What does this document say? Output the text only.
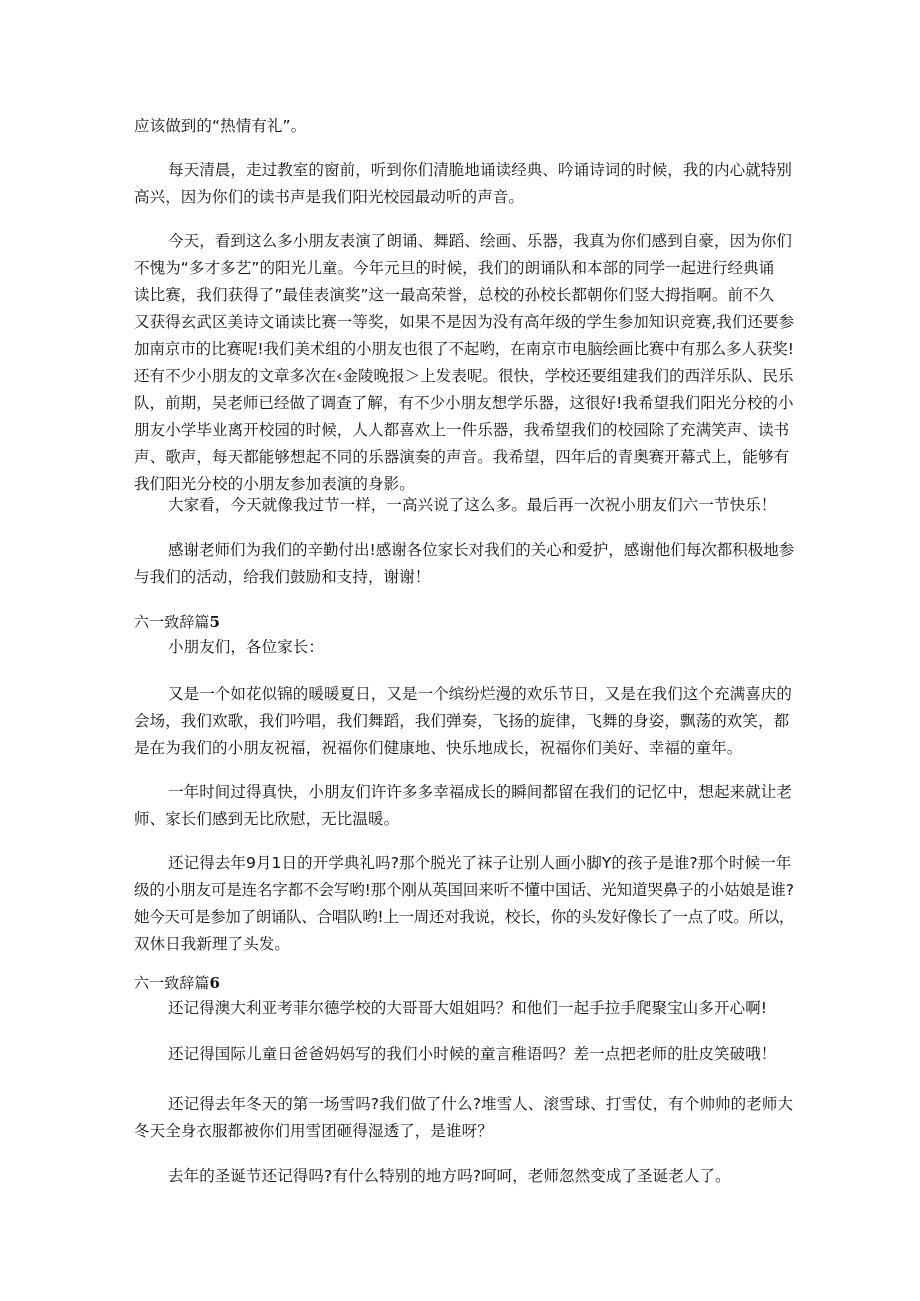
应该做到的“热情有礼”。
每天清晨，走过教室的窗前，听到你们清脆地诵读经典、吟诵诗词的时候，我的内心就特别
高兴，因为你们的读书声是我们阳光校园最动听的声音。
今天，看到这么多小朋友表演了朗诵、舞蹈、绘画、乐器，我真为你们感到自豪，因为你们
不愧为“多才多艺”的阳光儿童。今年元旦的时候，我们的朗诵队和本部的同学一起进行经典诵
读比赛，我们获得了”最佳表演奖”这一最高荣誉，总校的孙校长都朝你们竖大拇指啊。前不久
又获得玄武区美诗文诵读比赛一等奖，如果不是因为没有高年级的学生参加知识竞赛,我们还要参
加南京市的比赛呢!我们美术组的小朋友也很了不起哟，在南京市电脑绘画比赛中有那么多人获奖!
还有不少小朋友的文章多次在‹金陵晚报＞上发表呢。很快，学校还要组建我们的西洋乐队、民乐
队，前期，吴老师已经做了调查了解，有不少小朋友想学乐器，这很好!我希望我们阳光分校的小
朋友小学毕业离开校园的时候，人人都喜欢上一件乐器，我希望我们的校园除了充满笑声、读书
声、歌声，每天都能够想起不同的乐器演奏的声音。我希望，四年后的青奥赛开幕式上，能够有
我们阳光分校的小朋友参加表演的身影。
大家看，今天就像我过节一样，一高兴说了这么多。最后再一次祝小朋友们六一节快乐！
感谢老师们为我们的辛勤付出!感谢各位家长对我们的关心和爱护，感谢他们每次都积极地参
与我们的活动，给我们鼓励和支持，谢谢！
六一致辞篇5
小朋友们，各位家长：
又是一个如花似锦的暖暖夏日，又是一个缤纷烂漫的欢乐节日，又是在我们这个充满喜庆的
会场，我们欢歌，我们吟唱，我们舞蹈，我们弹奏，飞扬的旋律，飞舞的身姿，飘荡的欢笑，都
是在为我们的小朋友祝福，祝福你们健康地、快乐地成长，祝福你们美好、幸福的童年。
一年时间过得真快，小朋友们许许多多幸福成长的瞬间都留在我们的记忆中，想起来就让老
师、家长们感到无比欣慰，无比温暖。
还记得去年9月1日的开学典礼吗?那个脱光了袜子让别人画小脚Y的孩子是谁?那个时候一年
级的小朋友可是连名字都不会写哟!那个刚从英国回来听不懂中国话、光知道哭鼻子的小姑娘是谁?
她今天可是参加了朗诵队、合唱队哟!上一周还对我说，校长，你的头发好像长了一点了哎。所以，
双休日我新理了头发。
六一致辞篇6
还记得澳大利亚考菲尔德学校的大哥哥大姐姐吗？和他们一起手拉手爬聚宝山多开心啊!
还记得国际儿童日爸爸妈妈写的我们小时候的童言稚语吗？差一点把老师的肚皮笑破哦！
还记得去年冬天的第一场雪吗?我们做了什么?堆雪人、滚雪球、打雪仗，有个帅帅的老师大
冬天全身衣服都被你们用雪团砸得湿透了，是谁呀？
去年的圣诞节还记得吗?有什么特别的地方吗?呵呵，老师忽然变成了圣诞老人了。
